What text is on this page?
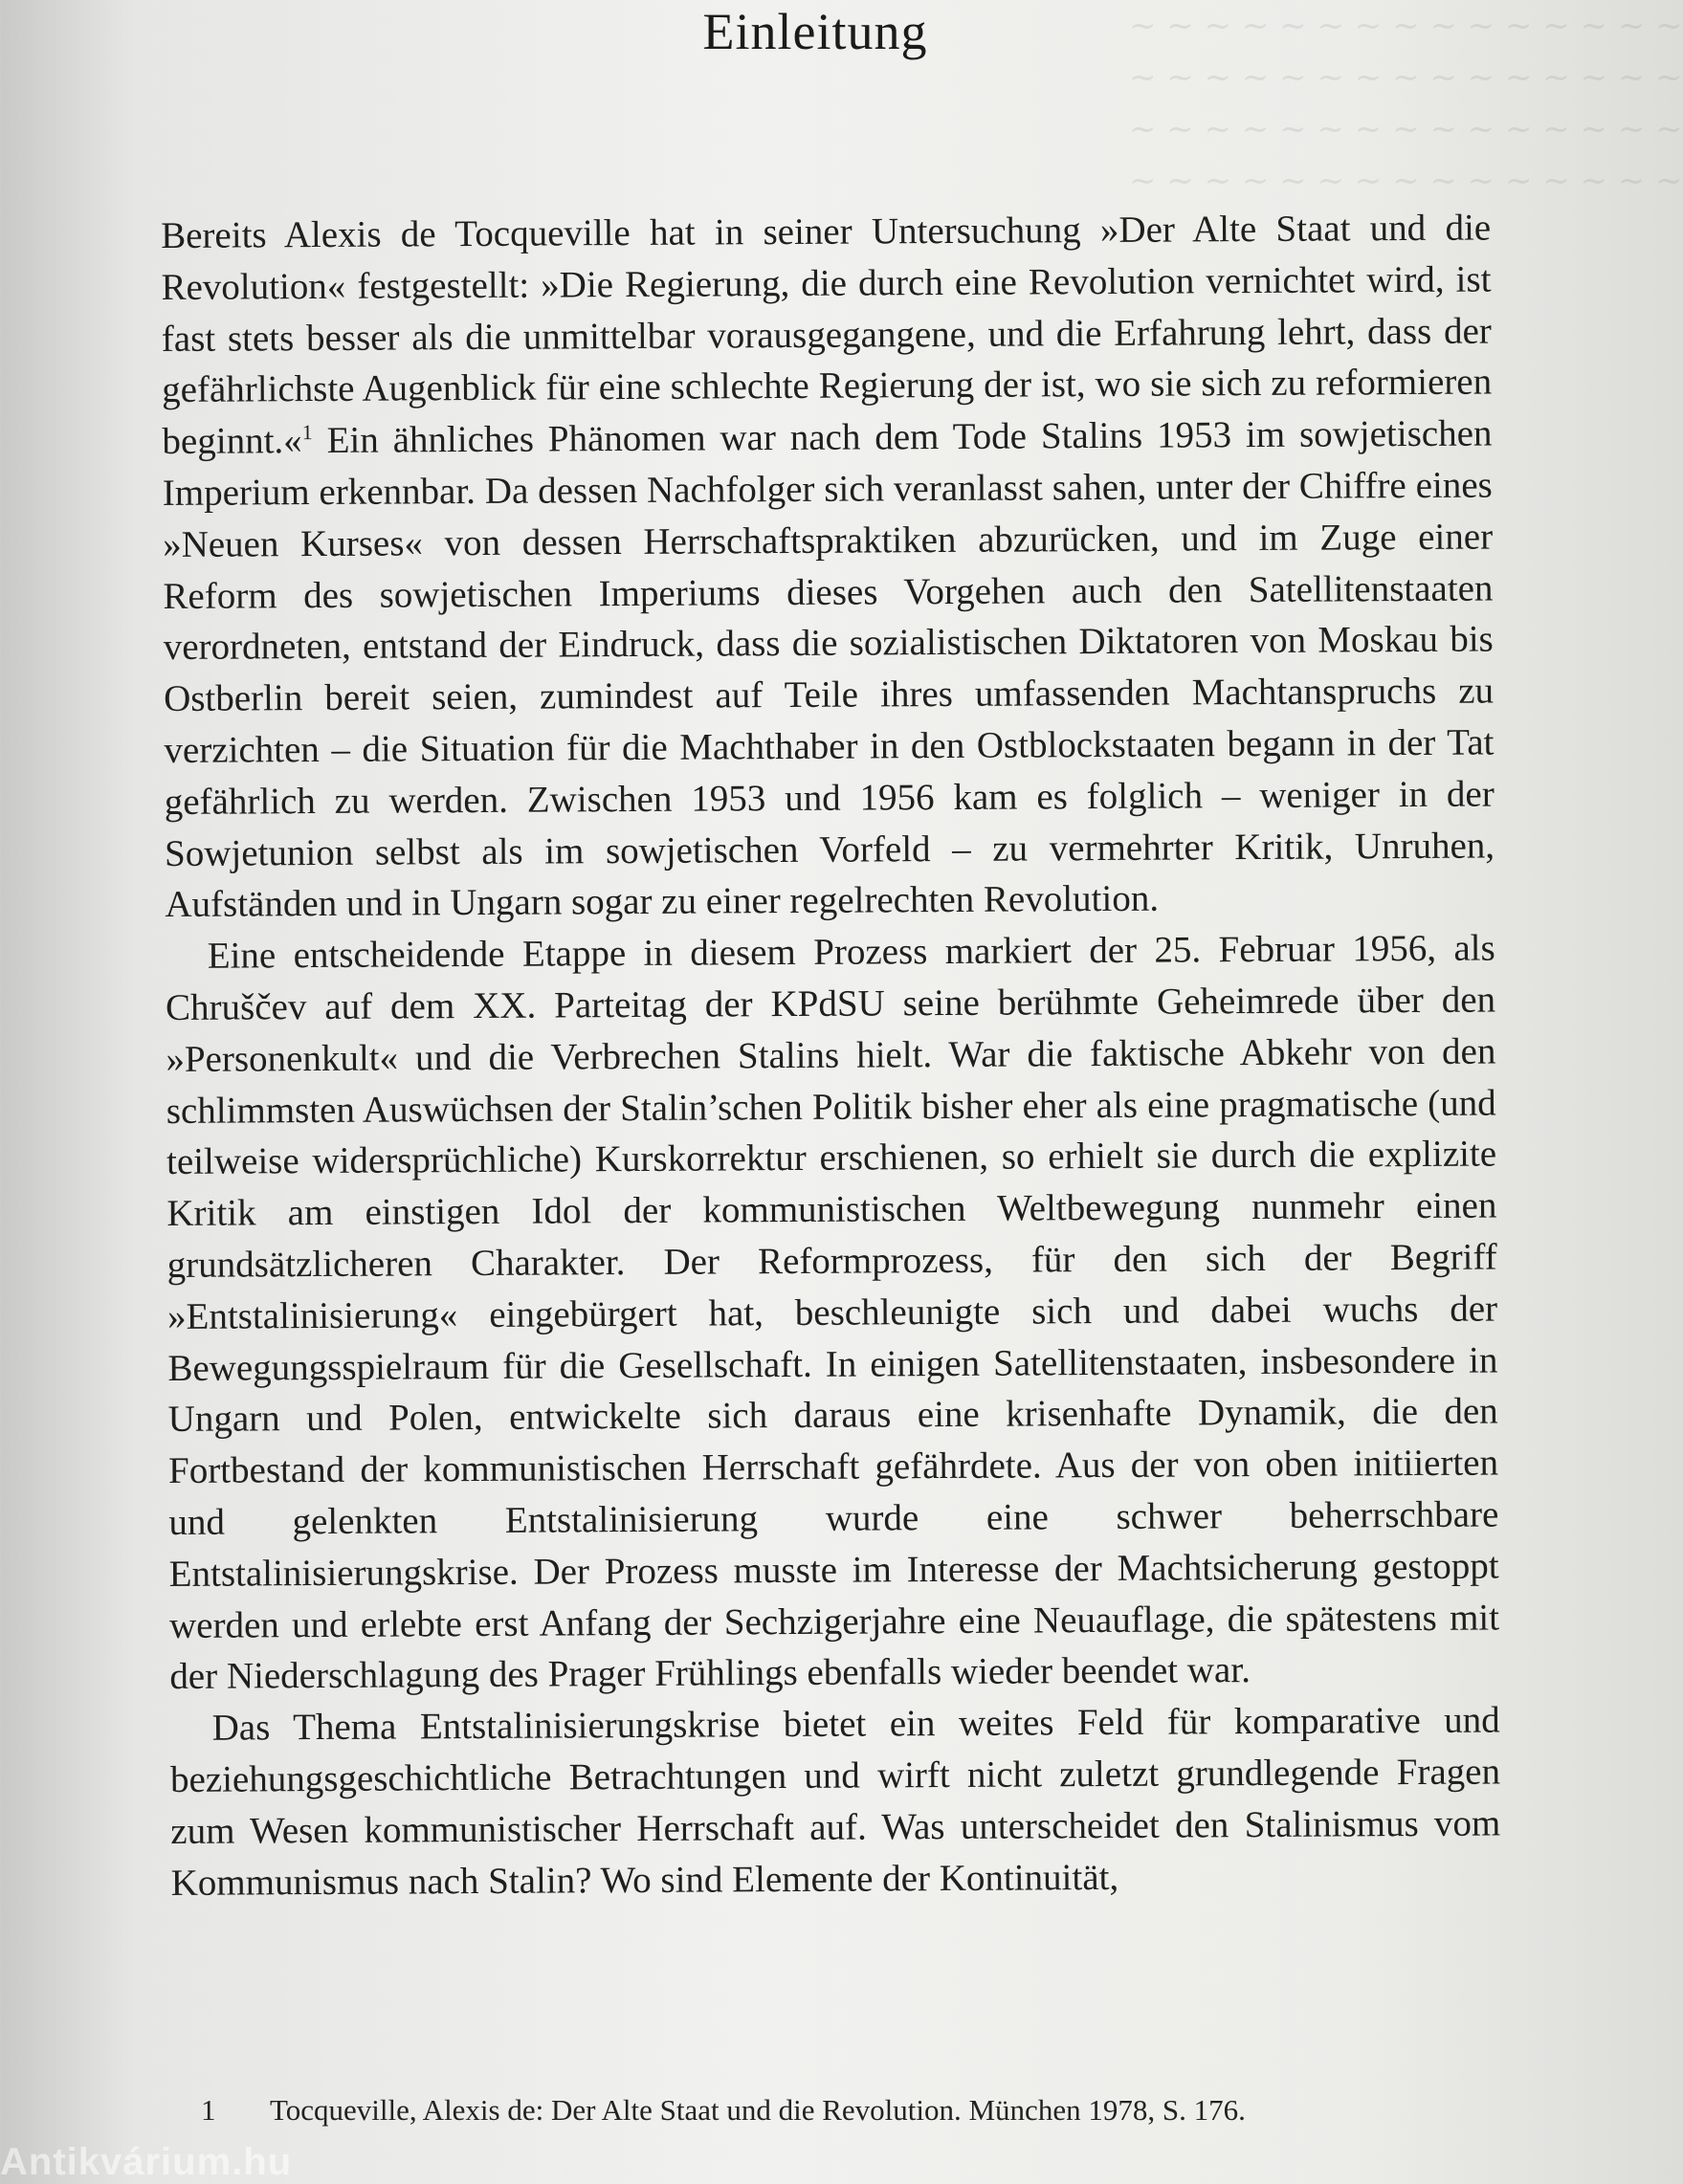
~ ~ ~ ~ ~ ~ ~ ~ ~ ~ ~ ~ ~ ~ ~
~ ~ ~ ~ ~ ~ ~ ~ ~ ~ ~ ~ ~ ~ ~
~ ~ ~ ~ ~ ~ ~ ~ ~ ~ ~ ~ ~ ~ ~
~ ~ ~ ~ ~ ~ ~ ~ ~ ~ ~ ~ ~ ~ ~
Einleitung

Bereits Alexis de Tocqueville hat in seiner Untersuchung »Der Alte Staat und die Revolution« festgestellt: »Die Regierung, die durch eine Revolution vernichtet wird, ist fast stets besser als die unmittelbar vorausgegangene, und die Erfahrung lehrt, dass der gefährlichste Augenblick für eine schlechte Regierung der ist, wo sie sich zu reformieren beginnt.«$^1$ Ein ähnliches Phänomen war nach dem Tode Stalins 1953 im sowjetischen Imperium erkennbar. Da dessen Nachfolger sich veranlasst sahen, unter der Chiffre eines »Neuen Kurses« von dessen Herrschaftspraktiken abzurücken, und im Zuge einer Reform des sowjetischen Imperiums dieses Vorgehen auch den Satellitenstaaten verordneten, entstand der Eindruck, dass die sozialistischen Diktatoren von Moskau bis Ostberlin bereit seien, zumindest auf Teile ihres umfassenden Machtanspruchs zu verzichten – die Situation für die Machthaber in den Ostblockstaaten begann in der Tat gefährlich zu werden. Zwischen 1953 und 1956 kam es folglich – weniger in der Sowjetunion selbst als im sowjetischen Vorfeld – zu vermehrter Kritik, Unruhen, Aufständen und in Ungarn sogar zu einer regelrechten Revolution.

Eine entscheidende Etappe in diesem Prozess markiert der 25. Februar 1956, als Chruščev auf dem XX. Parteitag der KPdSU seine berühmte Geheimrede über den »Personenkult« und die Verbrechen Stalins hielt. War die faktische Abkehr von den schlimmsten Auswüchsen der Stalin’schen Politik bisher eher als eine pragmatische (und teilweise widersprüchliche) Kurskorrektur erschienen, so erhielt sie durch die explizite Kritik am einstigen Idol der kommunistischen Weltbewegung nunmehr einen grundsätzlicheren Charakter. Der Reformprozess, für den sich der Begriff »Entstalinisierung« eingebürgert hat, beschleunigte sich und dabei wuchs der Bewegungsspielraum für die Gesellschaft. In einigen Satellitenstaaten, insbesondere in Ungarn und Polen, entwickelte sich daraus eine krisenhafte Dynamik, die den Fortbestand der kommunistischen Herrschaft gefährdete. Aus der von oben initiierten und gelenkten Entstalinisierung wurde eine schwer beherrschbare Entstalinisierungskrise. Der Prozess musste im Interesse der Machtsicherung gestoppt werden und erlebte erst Anfang der Sechzigerjahre eine Neuauflage, die spätestens mit der Niederschlagung des Prager Frühlings ebenfalls wieder beendet war.

Das Thema Entstalinisierungskrise bietet ein weites Feld für komparative und beziehungsgeschichtliche Betrachtungen und wirft nicht zuletzt grundlegende Fragen zum Wesen kommunistischer Herrschaft auf. Was unterscheidet den Stalinismus vom Kommunismus nach Stalin? Wo sind Elemente der Kontinuität,

1 Tocqueville, Alexis de: Der Alte Staat und die Revolution. München 1978, S. 176.
Antikvárium.hu
